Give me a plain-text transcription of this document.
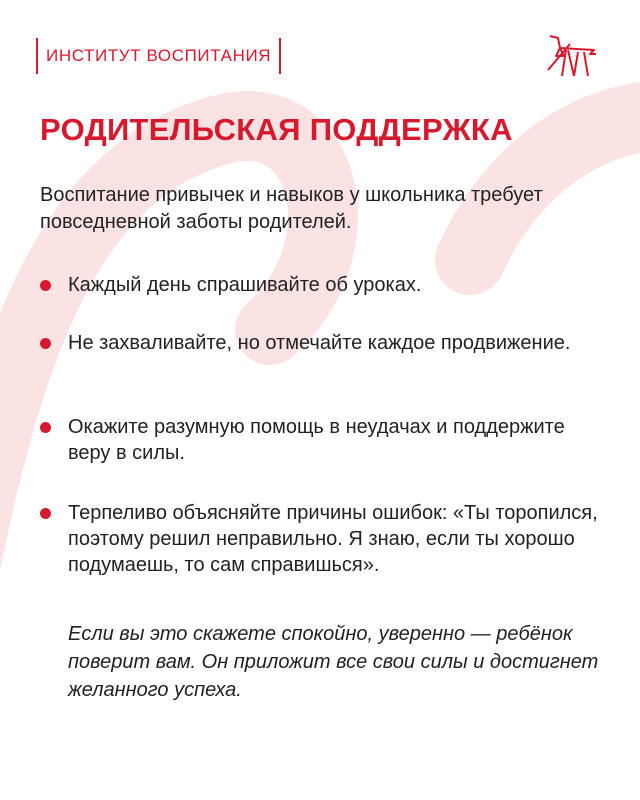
ИНСТИТУТ ВОСПИТАНИЯ
РОДИТЕЛЬСКАЯ ПОДДЕРЖКА
Воспитание привычек и навыков у школьника требует повседневной заботы родителей.
Каждый день спрашивайте об уроках.
Не захваливайте, но отмечайте каждое продвижение.
Окажите разумную помощь в неудачах и поддержите веру в силы.
Терпеливо объясняйте причины ошибок: «Ты торопился, поэтому решил неправильно. Я знаю, если ты хорошо подумаешь, то сам справишься».
Если вы это скажете спокойно, уверенно — ребёнок поверит вам. Он приложит все свои силы и достигнет желанного успеха.
